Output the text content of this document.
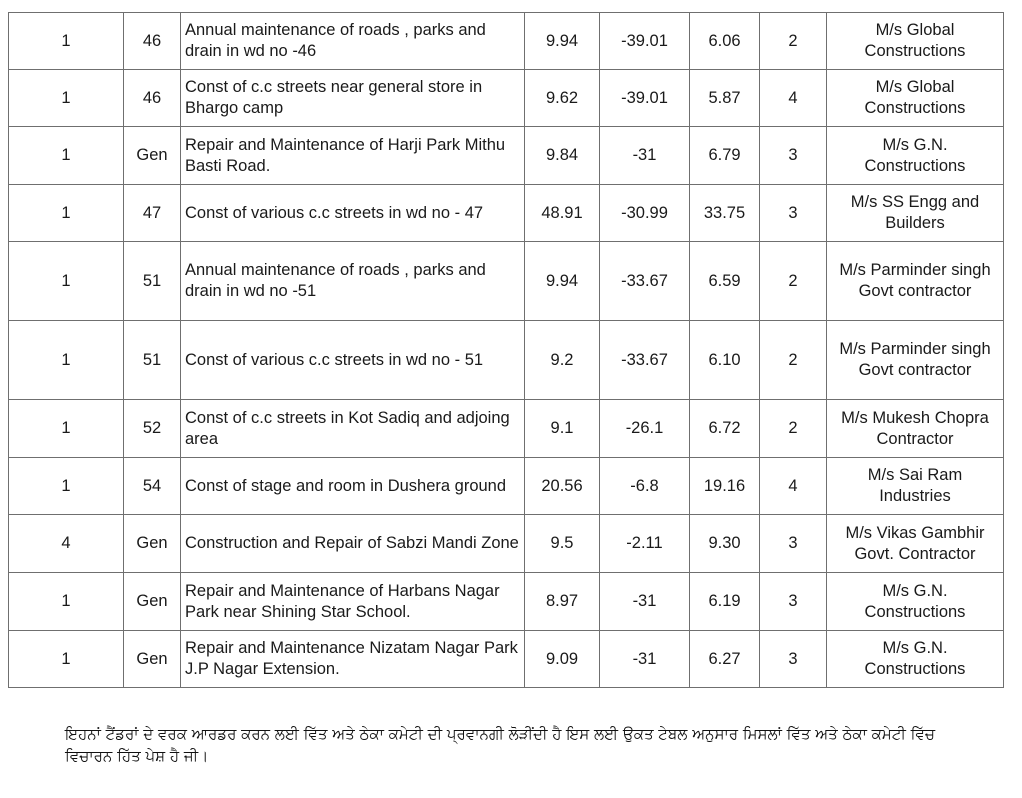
1	46	Annual maintenance of roads , parks and drain in wd no -46	9.94	-39.01	6.06	2	M/s Global Constructions
1	46	Const of c.c streets near general store in Bhargo camp	9.62	-39.01	5.87	4	M/s Global Constructions
1	Gen	Repair and Maintenance of Harji Park Mithu Basti Road.	9.84	-31	6.79	3	M/s G.N. Constructions
1	47	Const of various c.c streets in wd no - 47	48.91	-30.99	33.75	3	M/s SS Engg and Builders
1	51	Annual maintenance of roads , parks and drain in wd no -51	9.94	-33.67	6.59	2	M/s Parminder singh Govt contractor
1	51	Const of various c.c streets in wd no - 51	9.2	-33.67	6.10	2	M/s Parminder singh Govt contractor
1	52	Const of c.c streets in Kot Sadiq and adjoing area	9.1	-26.1	6.72	2	M/s Mukesh Chopra Contractor
1	54	Const of stage and room in Dushera ground	20.56	-6.8	19.16	4	M/s Sai Ram Industries
4	Gen	Construction and Repair of Sabzi Mandi Zone	9.5	-2.11	9.30	3	M/s Vikas Gambhir Govt. Contractor
1	Gen	Repair and Maintenance of Harbans Nagar Park near Shining Star School.	8.97	-31	6.19	3	M/s G.N. Constructions
1	Gen	Repair and Maintenance Nizatam Nagar Park J.P Nagar Extension.	9.09	-31	6.27	3	M/s G.N. Constructions
ਇਹਨਾਂ ਟੈਂਡਰਾਂ ਦੇ ਵਰਕ ਆਰਡਰ ਕਰਨ ਲਈ ਵਿੱਤ ਅਤੇ ਠੇਕਾ ਕਮੇਟੀ ਦੀ ਪ੍ਰਵਾਨਗੀ ਲੋੜੀਂਦੀ ਹੈ ਇਸ ਲਈ ਉਕਤ ਟੇਬਲ ਅਨੁਸਾਰ ਮਿਸਲਾਂ ਵਿੱਤ ਅਤੇ ਠੇਕਾ ਕਮੇਟੀ ਵਿੱਚ ਵਿਚਾਰਨ ਹਿੱਤ ਪੇਸ਼ ਹੈ ਜੀ।
